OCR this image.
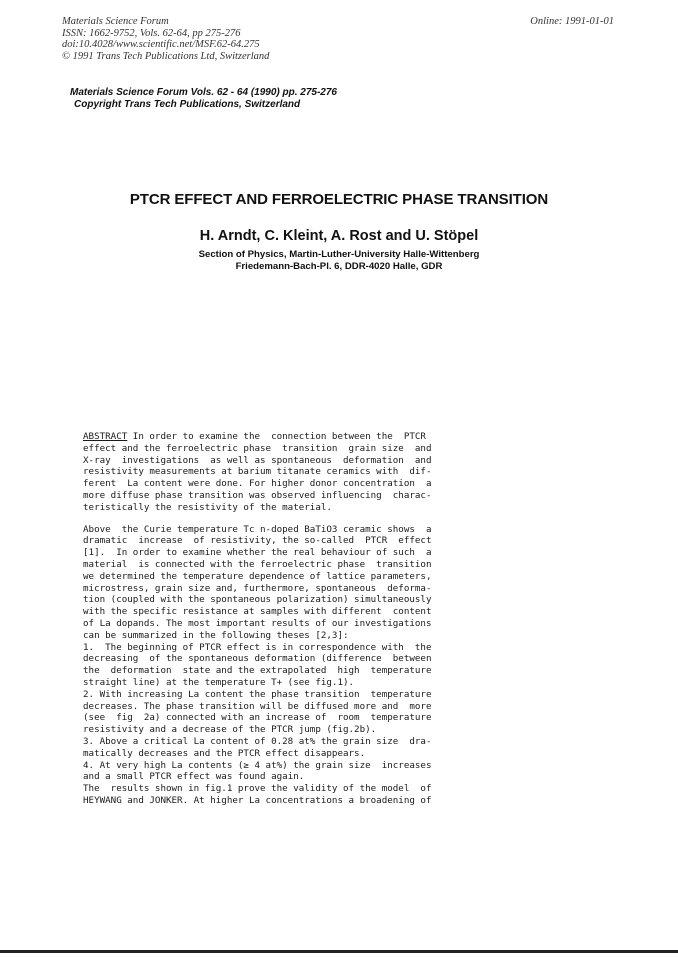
Materials Science Forum
ISSN: 1662-9752, Vols. 62-64, pp 275-276
doi:10.4028/www.scientific.net/MSF.62-64.275
© 1991 Trans Tech Publications Ltd, Switzerland
Online: 1991-01-01
Materials Science Forum Vols. 62 - 64 (1990) pp. 275-276
Copyright Trans Tech Publications, Switzerland
PTCR EFFECT AND FERROELECTRIC PHASE TRANSITION
H. Arndt, C. Kleint, A. Rost and U. Stöpel
Section of Physics, Martin-Luther-University Halle-Wittenberg
Friedemann-Bach-Pl. 6, DDR-4020 Halle, GDR
ABSTRACT In order to examine the  connection between the  PTCR
effect and the ferroelectric phase  transition  grain size  and
X-ray  investigations  as well as spontaneous  deformation  and
resistivity measurements at barium titanate ceramics with  dif-
ferent  La content were done. For higher donor concentration  a
more diffuse phase transition was observed influencing  charac-
teristically the resistivity of the material.
Above  the Curie temperature Tc n-doped BaTiO3 ceramic shows  a
dramatic  increase  of resistivity, the so-called  PTCR  effect
[1].  In order to examine whether the real behaviour of such  a
material  is connected with the ferroelectric phase  transition
we determined the temperature dependence of lattice parameters,
microstress, grain size and, furthermore, spontaneous  deforma-
tion (coupled with the spontaneous polarization) simultaneously
with the specific resistance at samples with different  content
of La dopands. The most important results of our investigations
can be summarized in the following theses [2,3]:
1.  The beginning of PTCR effect is in correspondence with  the
decreasing  of the spontaneous deformation (difference  between
the  deformation  state and the extrapolated  high  temperature
straight line) at the temperature T+ (see fig.1).
2. With increasing La content the phase transition  temperature
decreases. The phase transition will be diffused more and  more
(see  fig  2a) connected with an increase of  room  temperature
resistivity and a decrease of the PTCR jump (fig.2b).
3. Above a critical La content of 0.28 at% the grain size  dra-
matically decreases and the PTCR effect disappears.
4. At very high La contents (≥ 4 at%) the grain size  increases
and a small PTCR effect was found again.
The  results shown in fig.1 prove the validity of the model  of
HEYWANG and JONKER. At higher La concentrations a broadening of
